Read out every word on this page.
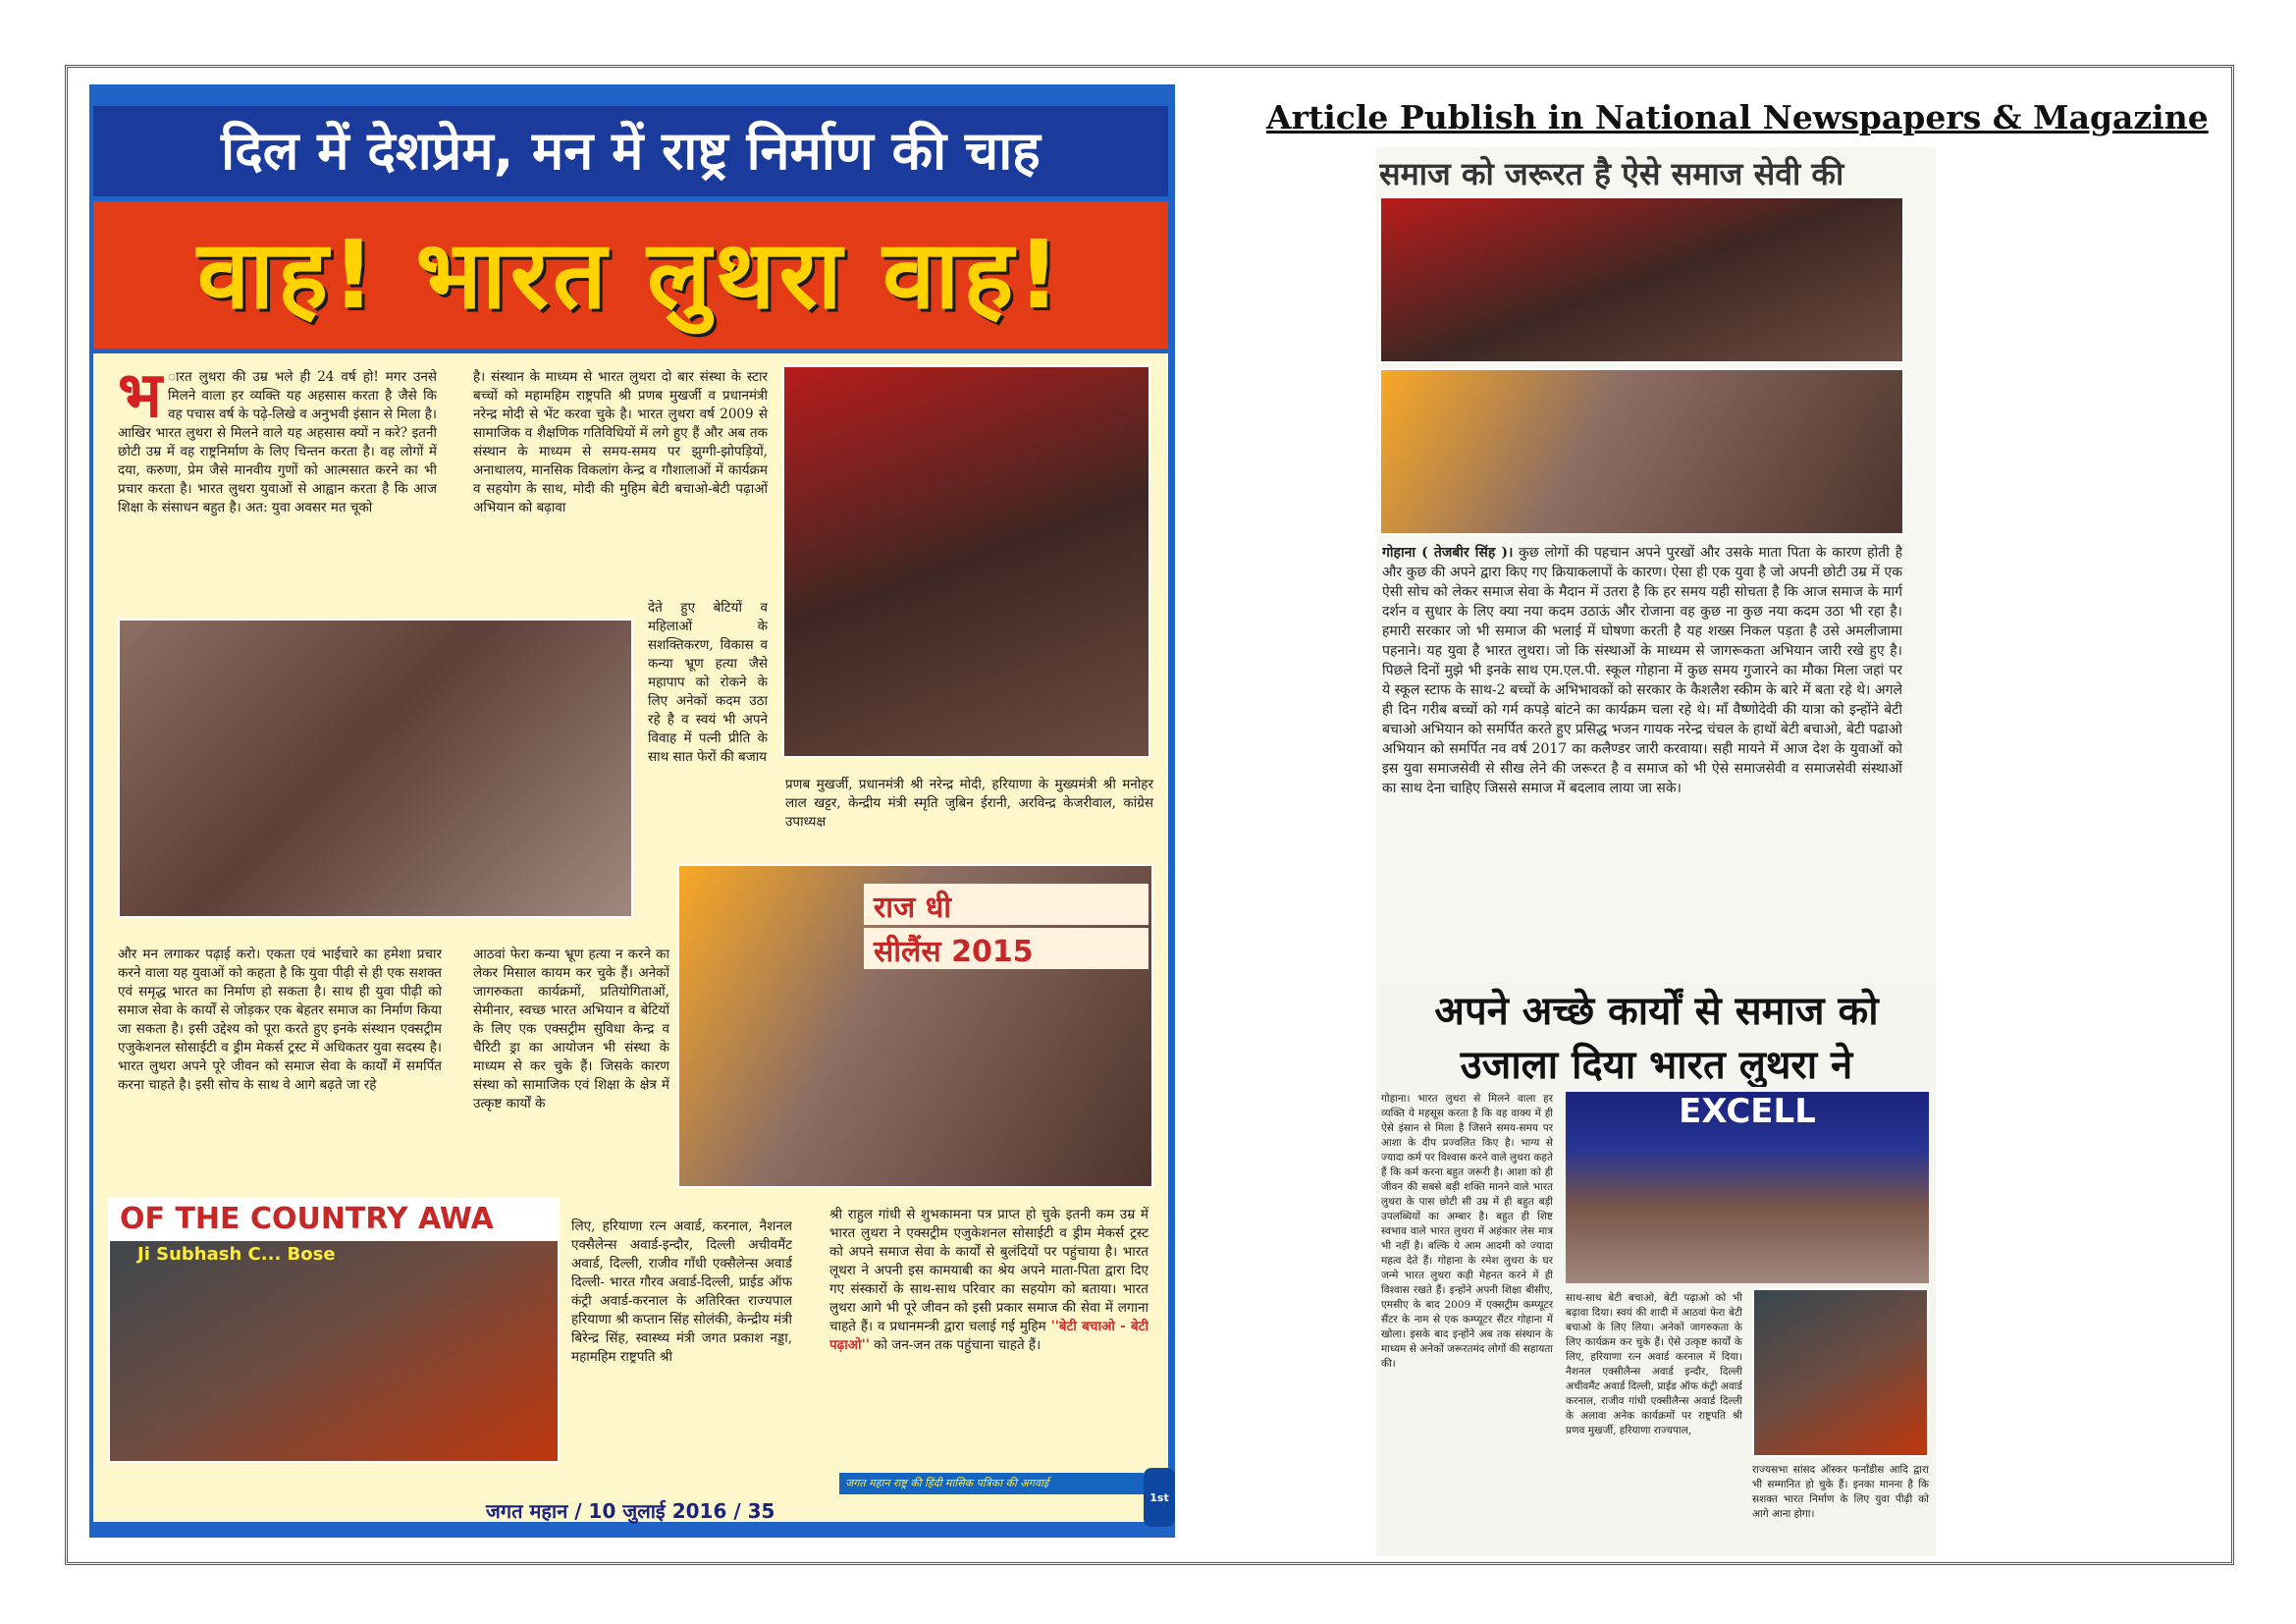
दिल में देशप्रेम, मन में राष्ट्र निर्माण की चाह
वाह! भारत लुथरा वाह!
भ ारत लुथरा की उम्र भले ही 24 वर्ष हो! मगर उनसे मिलने वाला हर व्यक्ति यह अहसास करता है जैसे कि वह पचास वर्ष के पढ़े-लिखे व अनुभवी इंसान से मिला है। आखिर भारत लुथरा से मिलने वाले यह अहसास क्यों न करे? इतनी छोटी उम्र में वह राष्ट्रनिर्माण के लिए चिन्तन करता है। वह लोगों में दया, करुणा, प्रेम जैसे मानवीय गुणों को आत्मसात करने का भी प्रचार करता है। भारत लुथरा युवाओं से आह्वान करता है कि आज शिक्षा के संसाधन बहुत है। अत: युवा अवसर मत चूको
है। संस्थान के माध्यम से भारत लुथरा दो बार संस्था के स्टार बच्चों को महामहिम राष्ट्रपति श्री प्रणब मुखर्जी व प्रधानमंत्री नरेन्द्र मोदी से भेंट करवा चुके है। भारत लुथरा वर्ष 2009 से सामाजिक व शैक्षणिक गतिविधियों में लगे हुए हैं और अब तक संस्थान के माध्यम से समय-समय पर झुग्गी-झोपड़ियों, अनाथालय, मानसिक विकलांग केन्द्र व गौशालाओं में कार्यक्रम व सहयोग के साथ, मोदी की मुहिम बेटी बचाओ-बेटी पढ़ाओं अभियान को बढ़ावा
देते हुए बेटियों व महिलाओं के सशक्तिकरण, विकास व कन्या भ्रूण हत्या जैसे महापाप को रोकने के लिए अनेकों कदम उठा रहे है व स्वयं भी अपने विवाह में पत्नी प्रीति के साथ सात फेरों की बजाय
प्रणब मुखर्जी, प्रधानमंत्री श्री नरेन्द्र मोदी, हरियाणा के मुख्यमंत्री श्री मनोहर लाल खट्टर, केन्द्रीय मंत्री स्मृति जुबिन ईरानी, अरविन्द्र केजरीवाल, कांग्रेस उपाध्यक्ष
राज धी
सीलैंस 2015
और मन लगाकर पढ़ाई करो। एकता एवं भाईचारे का हमेशा प्रचार करने वाला यह युवाओं को कहता है कि युवा पीढ़ी से ही एक सशक्त एवं समृद्ध भारत का निर्माण हो सकता है। साथ ही युवा पीढ़ी को समाज सेवा के कार्यों से जोड़कर एक बेहतर समाज का निर्माण किया जा सकता है। इसी उद्देश्य को पूरा करते हुए इनके संस्थान एक्सट्रीम एजुकेशनल सोसाईटी व ड्रीम मेकर्स ट्रस्ट में अधिकतर युवा सदस्य है। भारत लुथरा अपने पूरे जीवन को समाज सेवा के कार्यों में समर्पित करना चाहते है। इसी सोच के साथ वे आगे बढ़ते जा रहे
आठवां फेरा कन्या भ्रूण हत्या न करने का लेकर मिसाल कायम कर चुके हैं। अनेकों जागरुकता कार्यक्रमों, प्रतियोगिताओं, सेमीनार, स्वच्छ भारत अभियान व बेटियों के लिए एक एक्सट्रीम सुविधा केन्द्र व चैरिटी ड्रा का आयोजन भी संस्था के माध्यम से कर चुके हैं। जिसके कारण संस्था को सामाजिक एवं शिक्षा के क्षेत्र में उत्कृष्ट कार्यों के
OF THE COUNTRY AWA
Ji Subhash C... Bose
लिए, हरियाणा रत्न अवार्ड, करनाल, नैशनल एक्सैलेन्स अवार्ड-इन्दौर, दिल्ली अचीवमैंट अवार्ड, दिल्ली, राजीव गाँधी एक्सैलेन्स अवार्ड दिल्ली- भारत गौरव अवार्ड-दिल्ली, प्राईड ऑफ कंट्री अवार्ड-करनाल के अतिरिक्त राज्यपाल हरियाणा श्री कप्तान सिंह सोलंकी, केन्द्रीय मंत्री बिरेन्द्र सिंह, स्वास्थ्य मंत्री जगत प्रकाश नड्डा, महामहिम राष्ट्रपति श्री
श्री राहुल गांधी से शुभकामना पत्र प्राप्त हो चुके इतनी कम उम्र में भारत लुथरा ने एक्सट्रीम एजुकेशनल सोसाईटी व ड्रीम मेकर्स ट्रस्ट को अपने समाज सेवा के कार्यों से बुलंदियों पर पहुंचाया है। भारत लूथरा ने अपनी इस कामयाबी का श्रेय अपने माता-पिता द्वारा दिए गए संस्कारों के साथ-साथ परिवार का सहयोग को बताया। भारत लुथरा आगे भी पूरे जीवन को इसी प्रकार समाज की सेवा में लगाना चाहते हैं। व प्रधानमन्त्री द्वारा चलाई गई मुहिम ''बेटी बचाओ - बेटी पढ़ाओ'' को जन-जन तक पहुंचाना चाहते हैं।
जगत महान / 10 जुलाई 2016 / 35
जगत महान राष्ट्र की हिंदी मासिक पत्रिका की अगवाई
1st
Article Publish in National Newspapers & Magazine
समाज को जरूरत है ऐसे समाज सेवी की
गोहाना ( तेजबीर सिंह )। कुछ लोगों की पहचान अपने पुरखों और उसके माता पिता के कारण होती है और कुछ की अपने द्वारा किए गए क्रियाकलापों के कारण। ऐसा ही एक युवा है जो अपनी छोटी उम्र में एक ऐसी सोच को लेकर समाज सेवा के मैदान में उतरा है कि हर समय यही सोचता है कि आज समाज के मार्ग दर्शन व सुधार के लिए क्या नया कदम उठाऊं और रोजाना वह कुछ ना कुछ नया कदम उठा भी रहा है। हमारी सरकार जो भी समाज की भलाई में घोषणा करती है यह शख्स निकल पड़ता है उसे अमलीजामा पहनाने। यह युवा है भारत लुथरा। जो कि संस्थाओं के माध्यम से जागरूकता अभियान जारी रखे हुए है। पिछले दिनों मुझे भी इनके साथ एम.एल.पी. स्कूल गोहाना में कुछ समय गुजारने का मौका मिला जहां पर ये स्कूल स्टाफ के साथ-2 बच्चों के अभिभावकों को सरकार के कैशलैश स्कीम के बारे में बता रहे थे। अगले ही दिन गरीब बच्चों को गर्म कपड़े बांटने का कार्यक्रम चला रहे थे। माँ वैष्णोदेवी की यात्रा को इन्होंने बेटी बचाओ अभियान को समर्पित करते हुए प्रसिद्ध भजन गायक नरेन्द्र चंचल के हाथों बेटी बचाओ, बेटी पढाओ अभियान को समर्पित नव वर्ष 2017 का कलैण्डर जारी करवाया। सही मायने में आज देश के युवाओं को इस युवा समाजसेवी से सीख लेने की जरूरत है व समाज को भी ऐसे समाजसेवी व समाजसेवी संस्थाओं का साथ देना चाहिए जिससे समाज में बदलाव लाया जा सके।
अपने अच्छे कार्यों से समाज को
उजाला दिया भारत लुथरा ने
गोहाना। भारत लुथरा से मिलने वाला हर व्यक्ति ये महसूस करता है कि वह वाक्य में ही ऐसे इंसान से मिला है जिसने समय-समय पर आशा के दीप प्रज्वलित किए है। भाग्य से ज्यादा कर्म पर विश्वास करने वाले लुथरा कहते हैं कि कर्म करना बहुत जरूरी है। आशा को ही जीवन की सबसे बड़ी शक्ति मानने वाले भारत लुथरा के पास छोटी सी उम्र में ही बहुत बड़ी उपलब्धियों का अम्बार है। बहुत ही शिष्ट स्वभाव वाले भारत लुथरा में अहंकार लेस मात्र भी नहीं है। बल्कि ये आम आदमी को ज्यादा महत्व देते हैं। गोहाना के रमेश लुथरा के घर जन्मे भारत लुथरा कड़ी मेहनत करने में ही विश्वास रखते हैं। इन्होंने अपनी शिक्षा बीसीए, एमसीए के बाद 2009 में एक्सट्रीम कम्प्यूटर सैंटर के नाम से एक कम्प्यूटर सैंटर गोहाना में खोला। इसके बाद इन्होंने अब तक संस्थान के माध्यम से अनेकों जरूरतमंद लोगों की सहायता की।
EXCELL
साथ-साथ बेटी बचाओ, बेटी पढ़ाओ को भी बढ़ावा दिया। स्वयं की शादी में आठवां फेरा बेटी बचाओ के लिए लिया। अनेकों जागरुकता के लिए कार्यक्रम कर चुके हैं। ऐसे उत्कृष्ट कार्यों के लिए, हरियाणा रत्न अवार्ड करनाल में दिया। नैशनल एक्सीलैन्स अवार्ड इन्दौर, दिल्ली अचीवमैंट अवार्ड दिल्ली, प्राईड ऑफ कंट्री अवार्ड करनाल, राजीव गांधी एक्सीलैन्स अवार्ड दिल्ली के अलावा अनेक कार्यक्रमों पर राष्ट्रपति श्री प्रणव मुखर्जी, हरियाणा राज्यपाल,
राज्यसभा सांसद ऑस्कर फर्नांडीस आदि द्वारा भी सम्मानित हो चुके हैं। इनका मानना है कि सशक्त भारत निर्माण के लिए युवा पीढ़ी को आगे आना होगा।
